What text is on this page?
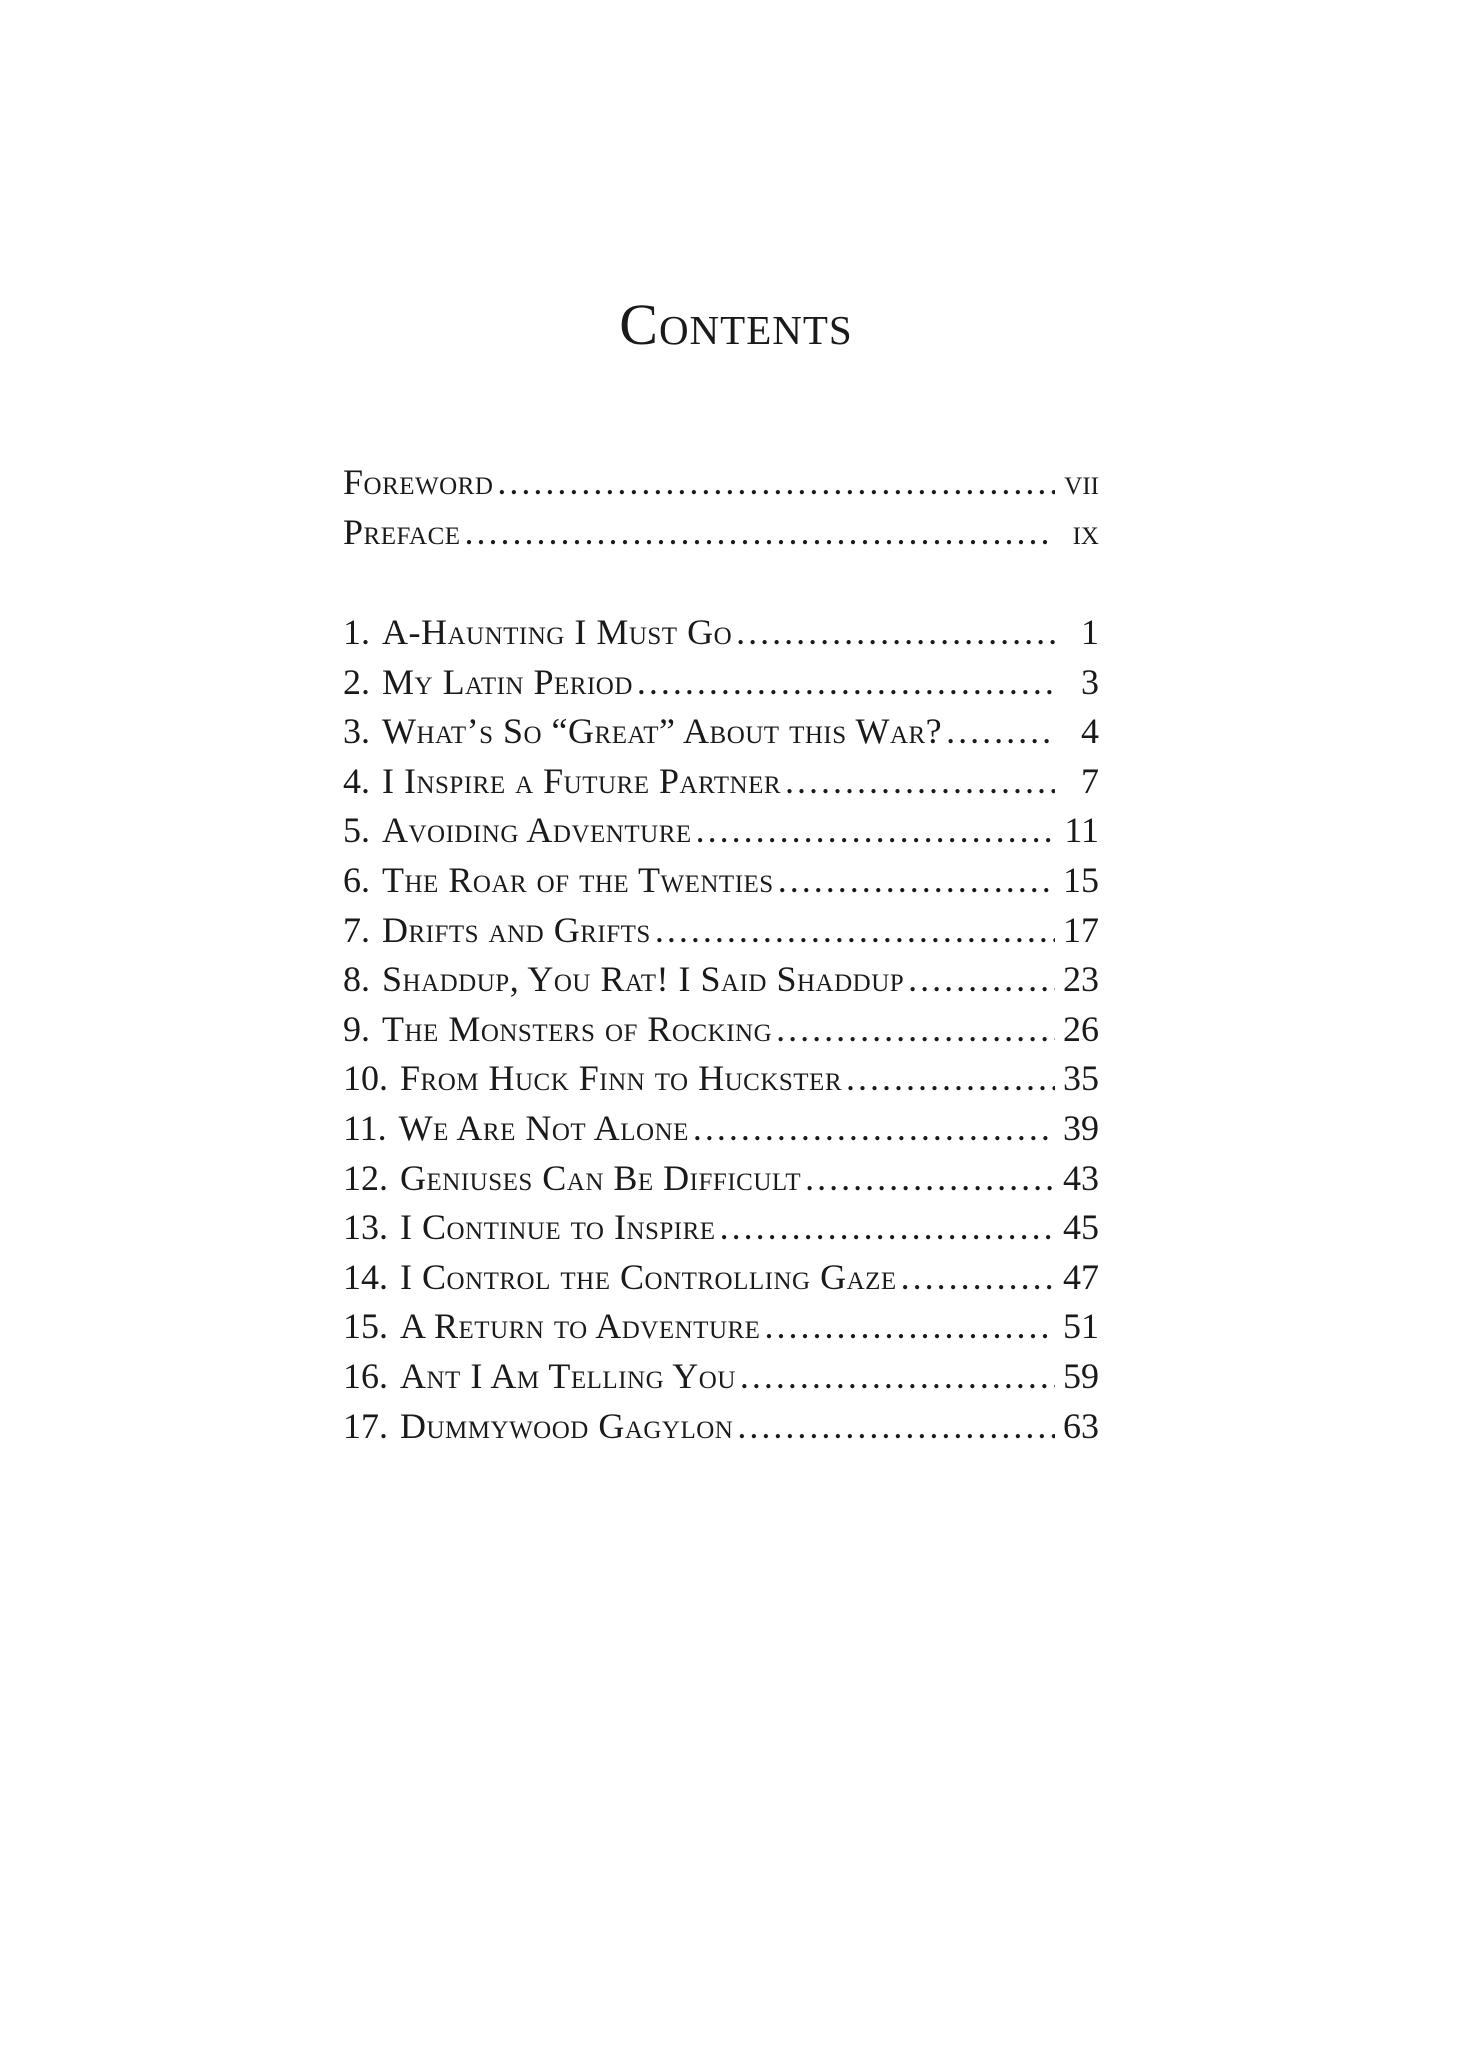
Contents
Foreword . . .	vii
Preface . . .	ix
1. A-Haunting I Must Go . . .	1
2. My Latin Period . . .	3
3. What’s So “Great” About this War? . . .	4
4. I Inspire a Future Partner . . .	7
5. Avoiding Adventure . . .	11
6. The Roar of the Twenties . . .	15
7. Drifts and Grifts . . .	17
8. Shaddup, You Rat! I Said Shaddup . . .	23
9. The Monsters of Rocking . . .	26
10. From Huck Finn to Huckster . . .	35
11. We Are Not Alone . . .	39
12. Geniuses Can Be Difficult . . .	43
13. I Continue to Inspire . . .	45
14. I Control the Controlling Gaze . . .	47
15. A Return to Adventure . . .	51
16. Ant I Am Telling You . . .	59
17. Dummywood Gagylon . . .	63
